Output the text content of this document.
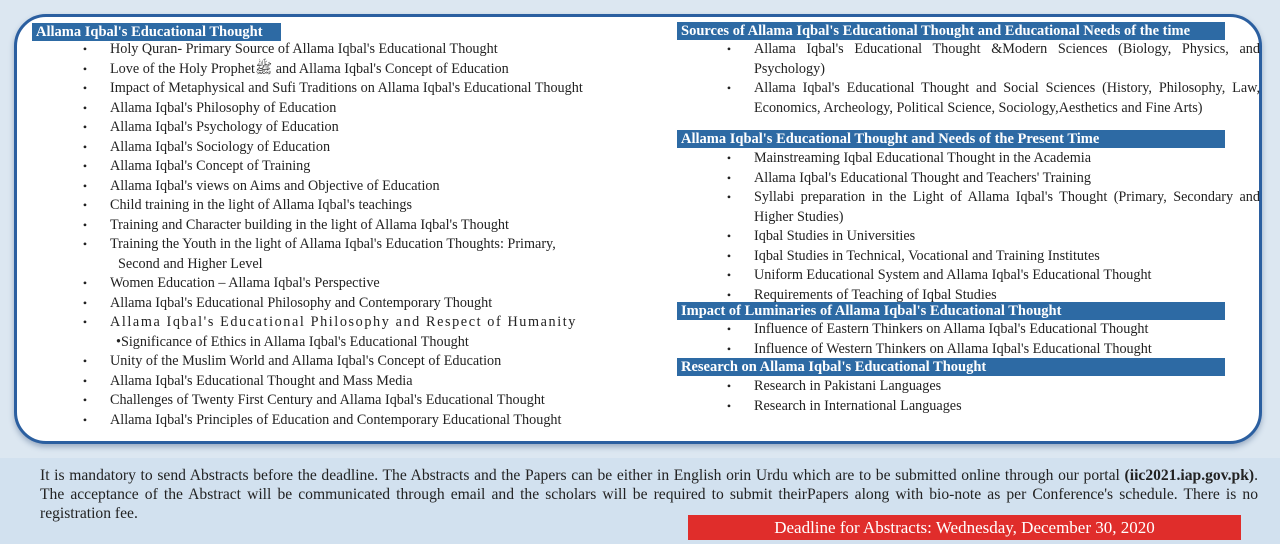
Allama Iqbal's Educational Thought
• Holy Quran- Primary Source of Allama Iqbal's Educational Thought
• Love of the Holy Prophetﷺ and Allama Iqbal's Concept of Education
• Impact of Metaphysical and Sufi Traditions on Allama Iqbal's Educational Thought
• Allama Iqbal's Philosophy of Education
• Allama Iqbal's Psychology of Education
• Allama Iqbal's Sociology of Education
• Allama Iqbal's Concept of Training
• Allama Iqbal's views on Aims and Objective of Education
• Child training in the light of Allama Iqbal's teachings
• Training and Character building in the light of Allama Iqbal's Thought
• Training the Youth in the light of Allama Iqbal's Education Thoughts: Primary,
Second and Higher Level
• Women Education – Allama Iqbal's Perspective
• Allama Iqbal's Educational Philosophy and Contemporary Thought
• Allama Iqbal's Educational Philosophy and Respect of Humanity
•Significance of Ethics in Allama Iqbal's Educational Thought
• Unity of the Muslim World and Allama Iqbal's Concept of Education
• Allama Iqbal's Educational Thought and Mass Media
• Challenges of Twenty First Century and Allama Iqbal's Educational Thought
• Allama Iqbal's Principles of Education and Contemporary Educational Thought
Sources of Allama Iqbal's Educational Thought and Educational Needs of the time
• Allama Iqbal's Educational Thought &Modern Sciences (Biology, Physics, and Psychology)
• Allama Iqbal's Educational Thought and Social Sciences (History, Philosophy, Law, Economics, Archeology, Political Science, Sociology,Aesthetics and Fine Arts)
Allama Iqbal's Educational Thought and Needs of the Present Time
• Mainstreaming Iqbal Educational Thought in the Academia
• Allama Iqbal's Educational Thought and Teachers' Training
• Syllabi preparation in the Light of Allama Iqbal's Thought (Primary, Secondary and Higher Studies)
• Iqbal Studies in Universities
• Iqbal Studies in Technical, Vocational and Training Institutes
• Uniform Educational System and Allama Iqbal's Educational Thought
• Requirements of Teaching of Iqbal Studies
Impact of Luminaries of Allama Iqbal's Educational Thought
• Influence of Eastern Thinkers on Allama Iqbal's Educational Thought
• Influence of Western Thinkers on Allama Iqbal's Educational Thought
Research on Allama Iqbal's Educational Thought
• Research in Pakistani Languages
• Research in International Languages
It is mandatory to send Abstracts before the deadline. The Abstracts and the Papers can be either in English orin Urdu which are to be submitted online through our portal (iic2021.iap.gov.pk). The acceptance of the Abstract will be communicated through email and the scholars will be required to submit theirPapers along with bio-note as per Conference's schedule. There is no registration fee.
Deadline for Abstracts: Wednesday, December 30, 2020
